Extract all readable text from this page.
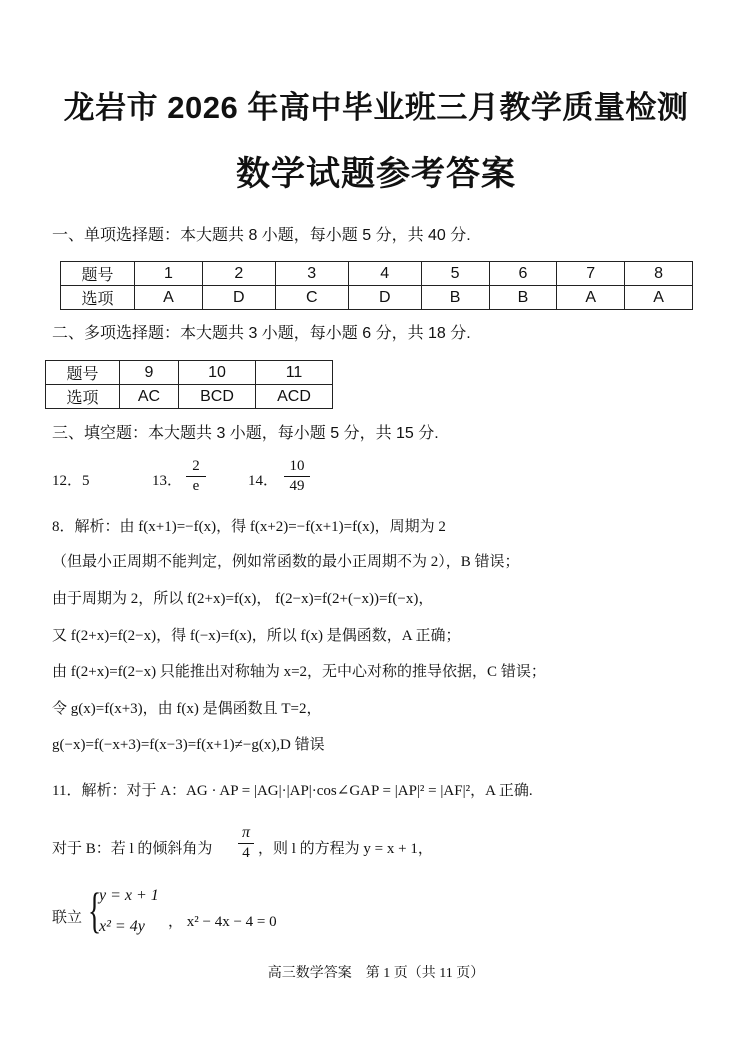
龙岩市 2026 年高中毕业班三月教学质量检测
数学试题参考答案
一、单项选择题：本大题共 8 小题，每小题 5 分，共 40 分.
题号	1	2	3	4	5	6	7	8
选项	A	D	C	D	B	B	A	A
二、多项选择题：本大题共 3 小题，每小题 6 分，共 18 分.
题号	9	10	11
选项	AC	BCD	ACD
三、填空题：本大题共 3 小题，每小题 5 分，共 15 分.
12．5	13．
2
e	14．
10
49
8．解析：由 f(x+1)=−f(x)，得 f(x+2)=−f(x+1)=f(x)，周期为 2
（但最小正周期不能判定，例如常函数的最小正周期不为 2），B 错误；
由于周期为 2，所以 f(2+x)=f(x)， f(2−x)=f(2+(−x))=f(−x)，
又 f(2+x)=f(2−x)，得 f(−x)=f(x)，所以 f(x) 是偶函数，A 正确；
由 f(2+x)=f(2−x) 只能推出对称轴为 x=2，无中心对称的推导依据，C 错误；
令 g(x)=f(x+3)，由 f(x) 是偶函数且 T=2，
g(−x)=f(−x+3)=f(x−3)=f(x+1)≠−g(x),D 错误
11．解析：对于 A：AG · AP = |AG|·|AP|·cos∠GAP = |AP|² = |AF|²，A 正确.
对于 B：若 l 的倾斜角为
π
4 ，则 l 的方程为 y = x + 1，
联立 {
y = x + 1
x² = 4y ， x² − 4x − 4 = 0
高三数学答案　第 1 页（共 11 页）
